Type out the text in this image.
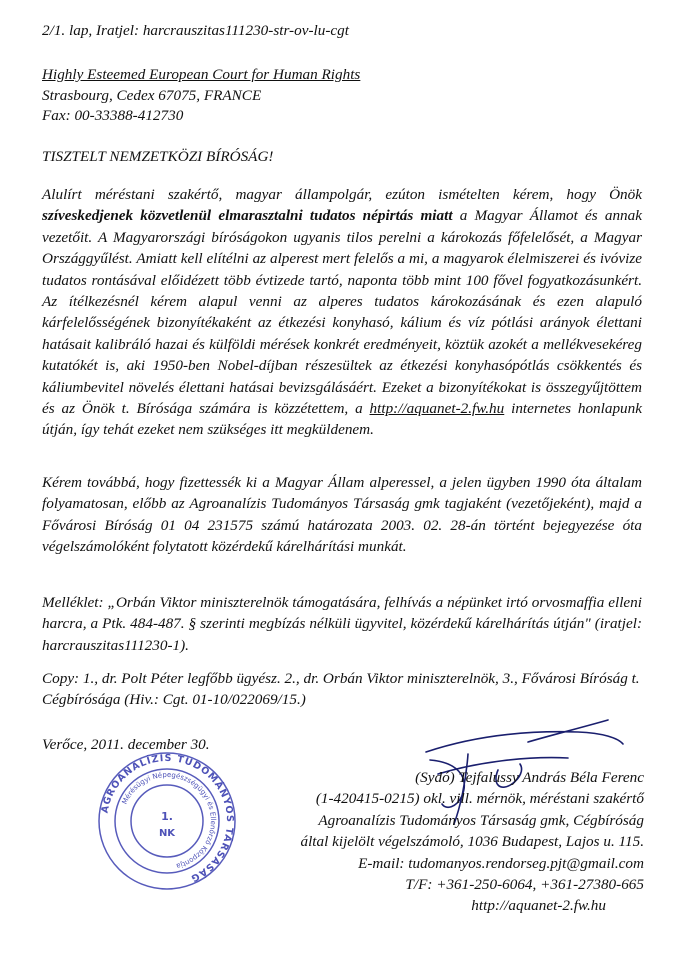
2/1. lap, Iratjel: harcrauszitas111230-str-ov-lu-cgt
Highly Esteemed European Court for Human Rights
Strasbourg, Cedex 67075, FRANCE
Fax: 00-33388-412730
TISZTELT NEMZETKÖZI BÍRÓSÁG!
Alulírt méréstani szakértő, magyar állampolgár, ezúton ismételten kérem, hogy Önök szíveskedjenek közvetlenül elmarasztalni tudatos népirtás miatt a Magyar Államot és annak vezetőit. A Magyarországi bíróságokon ugyanis tilos perelni a károkozás főfelelősét, a Magyar Országgyűlést. Amiatt kell elítélni az alperest mert felelős a mi, a magyarok élelmiszerei és ivóvize tudatos rontásával előidézett több évtizede tartó, naponta több mint 100 fővel fogyatkozásunkért. Az ítélkezésnél kérem alapul venni az alperes tudatos károkozásának és ezen alapuló kárfelelősségének bizonyítékaként az étkezési konyhasó, kálium és víz pótlási arányok élettani hatásait kalibráló hazai és külföldi mérések konkrét eredményeit, köztük azokét a mellékvesekéreg kutatókét is, aki 1950-ben Nobel-díjban részesültek az étkezési konyhasópótlás csökkentés és káliumbevitel növelés élettani hatásai bevizsgálásáért. Ezeket a bizonyítékokat is összegyűjtöttem és az Önök t. Bírósága számára is közzétettem, a http://aquanet-2.fw.hu internetes honlapunk útján, így tehát ezeket nem szükséges itt megküldenem.
Kérem továbbá, hogy fizettessék ki a Magyar Állam alperessel, a jelen ügyben 1990 óta általam folyamatosan, előbb az Agroanalízis Tudományos Társaság gmk tagjaként (vezetőjeként), majd a Fővárosi Bíróság 01 04 231575 számú határozata 2003. 02. 28-án történt bejegyezése óta végelszámolóként folytatott közérdekű kárelhárítási munkát.
Melléklet: „Orbán Viktor miniszterelnök támogatására, felhívás a népünket irtó orvosmaffia elleni harcra, a Ptk. 484-487. § szerinti megbízás nélküli ügyvitel, közérdekű kárelhárítás útján" (iratjel: harcrauszitas111230-1).
Copy: 1., dr. Polt Péter legfőbb ügyész. 2., dr. Orbán Viktor miniszterelnök, 3., Fővárosi Bíróság t. Cégbírósága (Hiv.: Cgt. 01-10/022069/15.)
Verőce, 2011. december 30.
AGROANALÍZIS TUDOMÁNYOS TÁRSASÁG
Mérésügyi Népegészségügyi és Ellenőrző Központja
1.
NK
(Sydó) Tejfalussy András Béla Ferenc
(1-420415-0215) okl. vill. mérnök, méréstani szakértő
Agroanalízis Tudományos Társaság gmk, Cégbíróság
által kijelölt végelszámoló, 1036 Budapest, Lajos u. 115.
E-mail: tudomanyos.rendorseg.pjt@gmail.com
T/F: +361-250-6064, +361-27380-665
http://aquanet-2.fw.hu
